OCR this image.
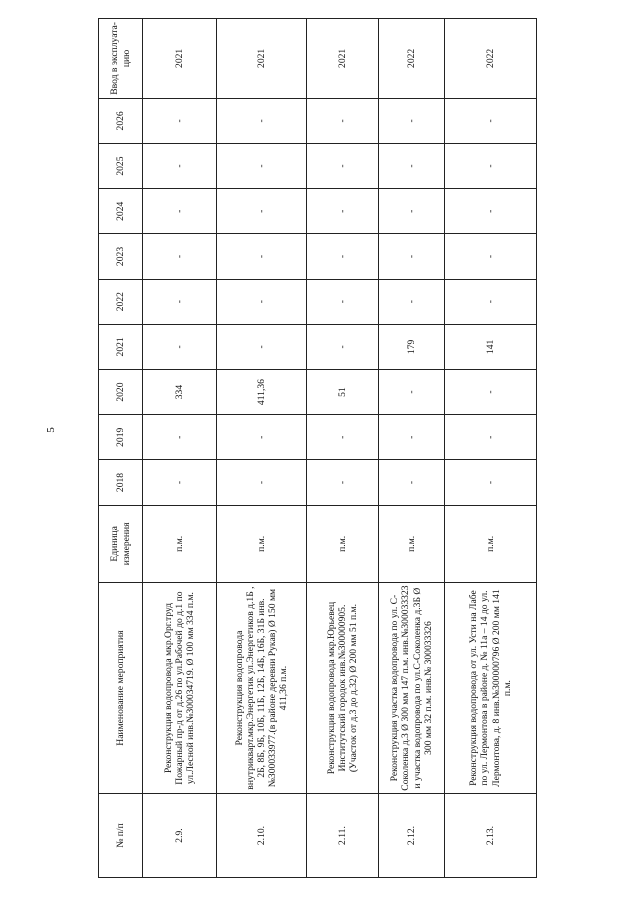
5
№ п/п	Наименование мероприятия	Единица измерения	2018	2019	2020	2021	2022	2023	2024	2025	2026	Ввод в эксплуата-цию
2.9.	Реконструкция водопровода мкр.Орг.труд Пожарный пр-д от д.26 по ул.Рабочей до д.1 по ул.Лесной инв.№300034719. Ø 100 мм 334 п.м.	п.м.	-	-	334	-	-	-	-	-	-	2021
2.10.	Реконструкция водопровода внутрикварт.мкр.Энергетик ул.Энергетиков д.1Б , 2Б, 8Б, 9Б, 10Б, 11Б, 12Б, 14Б, 16Б, 31Б инв.№300033977.(в районе деревни Рукав) Ø 150 мм 411,36 п.м.	п.м.	-	-	411,36	-	-	-	-	-	-	2021
2.11.	Реконструкция водопровода мкр.Юрьевец Институтский городок инв.№300000905. (Участок от д.3 до д.32) Ø 200 мм 51 п.м.	п.м.	-	-	51	-	-	-	-	-	-	2021
2.12.	Реконструкция участка водопровода по ул. С-Соколенка д.3 Ø 300 мм 147 п.м. инв.№300033323 и участка водопровода по ул.С-Соколенка д.3Б Ø 300 мм 32 п.м. инв.№ 300033326	п.м.	-	-	-	179	-	-	-	-	-	2022
2.13.	Реконструкция водопровода от ул. Усти на Лабе по ул. Лермонтова в районе д. № 11а – 14 до ул. Лермонтова, д. 8 инв.№300000796 Ø 200 мм 141 п.м.	п.м.	-	-	-	141	-	-	-	-	-	2022
